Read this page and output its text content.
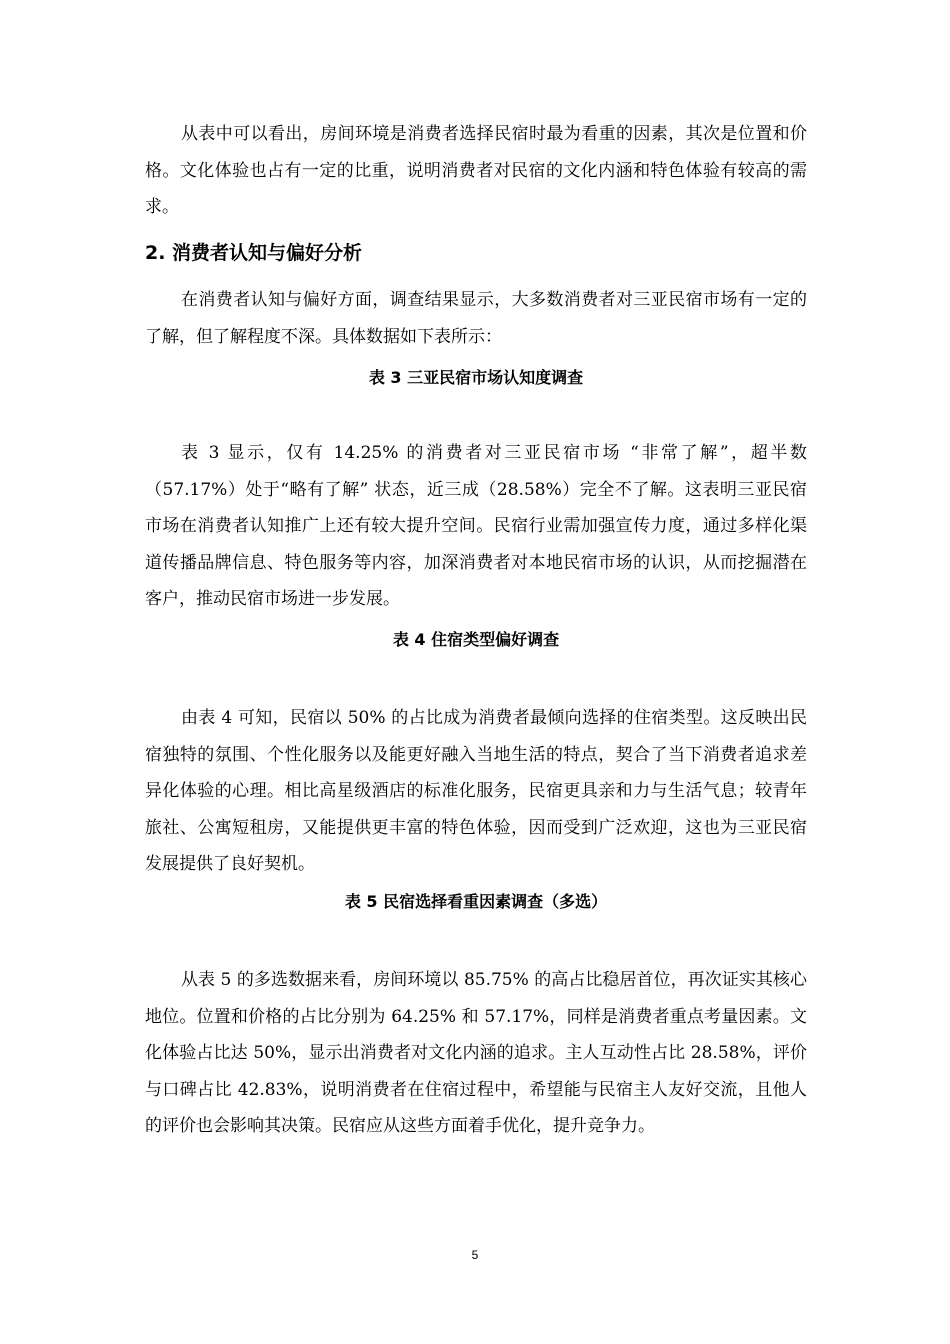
从表中可以看出，房间环境是消费者选择民宿时最为看重的因素，其次是位置和价格。文化体验也占有一定的比重，说明消费者对民宿的文化内涵和特色体验有较高的需求。

2. 消费者认知与偏好分析

在消费者认知与偏好方面，调查结果显示，大多数消费者对三亚民宿市场有一定的了解，但了解程度不深。具体数据如下表所示：

表 3 三亚民宿市场认知度调查

表 3 显示，仅有 14.25% 的消费者对三亚民宿市场 “非常了解”，超半数（57.17%）处于“略有了解” 状态，近三成（28.58%）完全不了解。这表明三亚民宿市场在消费者认知推广上还有较大提升空间。民宿行业需加强宣传力度，通过多样化渠道传播品牌信息、特色服务等内容，加深消费者对本地民宿市场的认识，从而挖掘潜在客户，推动民宿市场进一步发展。

表 4 住宿类型偏好调查

由表 4 可知，民宿以 50% 的占比成为消费者最倾向选择的住宿类型。这反映出民宿独特的氛围、个性化服务以及能更好融入当地生活的特点，契合了当下消费者追求差异化体验的心理。相比高星级酒店的标准化服务，民宿更具亲和力与生活气息；较青年旅社、公寓短租房，又能提供更丰富的特色体验，因而受到广泛欢迎，这也为三亚民宿发展提供了良好契机。

表 5 民宿选择看重因素调查（多选）

从表 5 的多选数据来看，房间环境以 85.75% 的高占比稳居首位，再次证实其核心地位。位置和价格的占比分别为 64.25% 和 57.17%，同样是消费者重点考量因素。文化体验占比达 50%，显示出消费者对文化内涵的追求。主人互动性占比 28.58%，评价与口碑占比 42.83%，说明消费者在住宿过程中，希望能与民宿主人友好交流，且他人的评价也会影响其决策。民宿应从这些方面着手优化，提升竞争力。

5
